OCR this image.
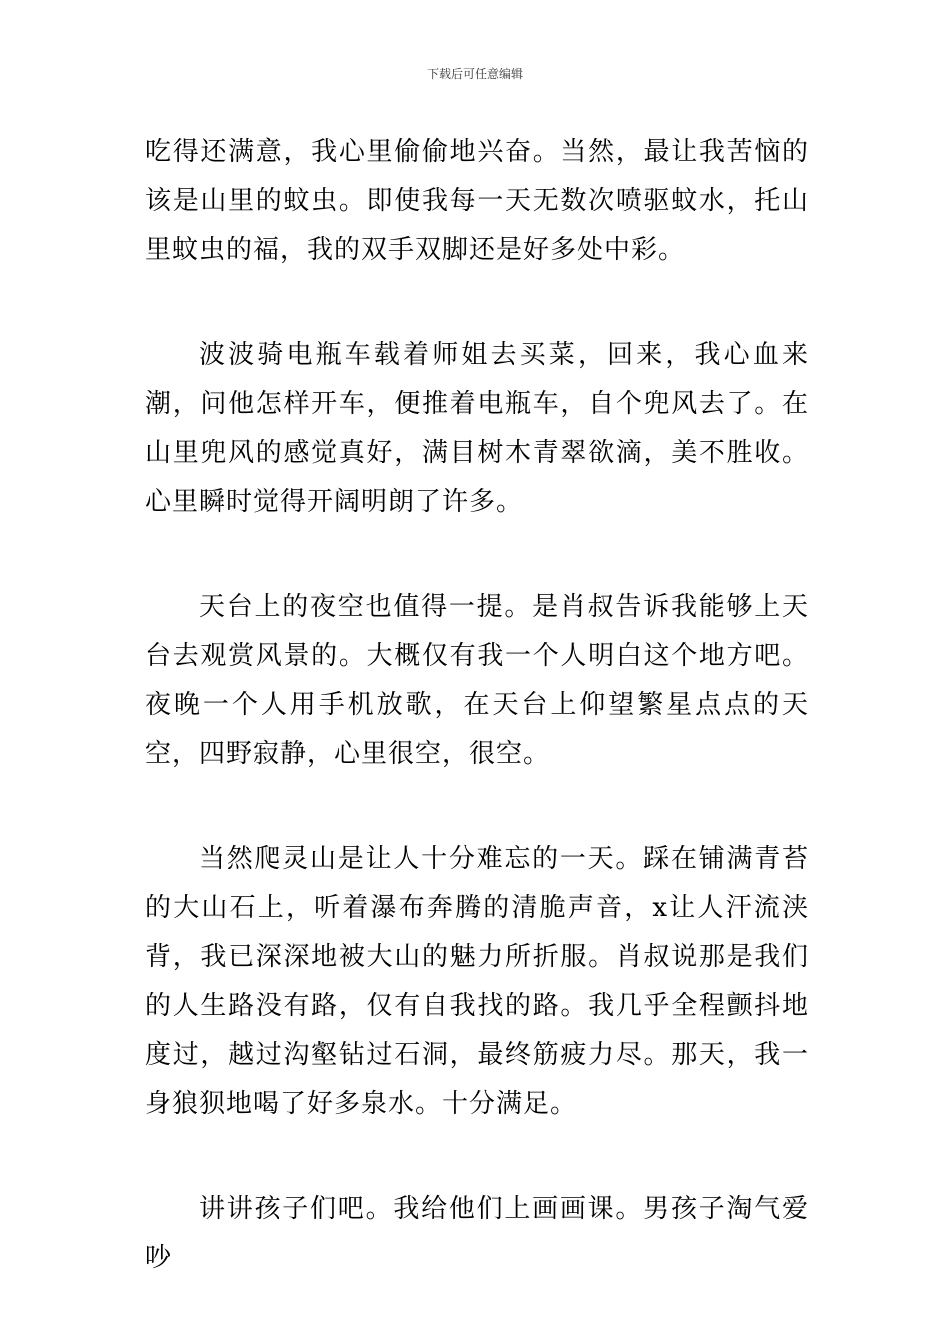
下载后可任意编辑

吃得还满意，我心里偷偷地兴奋。当然，最让我苦恼的该是山里的蚊虫。即使我每一天无数次喷驱蚊水，托山里蚊虫的福，我的双手双脚还是好多处中彩。

波波骑电瓶车载着师姐去买菜，回来，我心血来潮，问他怎样开车，便推着电瓶车，自个兜风去了。在山里兜风的感觉真好，满目树木青翠欲滴，美不胜收。心里瞬时觉得开阔明朗了许多。

天台上的夜空也值得一提。是肖叔告诉我能够上天台去观赏风景的。大概仅有我一个人明白这个地方吧。夜晚一个人用手机放歌，在天台上仰望繁星点点的天空，四野寂静，心里很空，很空。

当然爬灵山是让人十分难忘的一天。踩在铺满青苔的大山石上，听着瀑布奔腾的清脆声音，x让人汗流浃背，我已深深地被大山的魅力所折服。肖叔说那是我们的人生路没有路，仅有自我找的路。我几乎全程颤抖地度过，越过沟壑钻过石洞，最终筋疲力尽。那天，我一身狼狈地喝了好多泉水。十分满足。

讲讲孩子们吧。我给他们上画画课。男孩子淘气爱吵
